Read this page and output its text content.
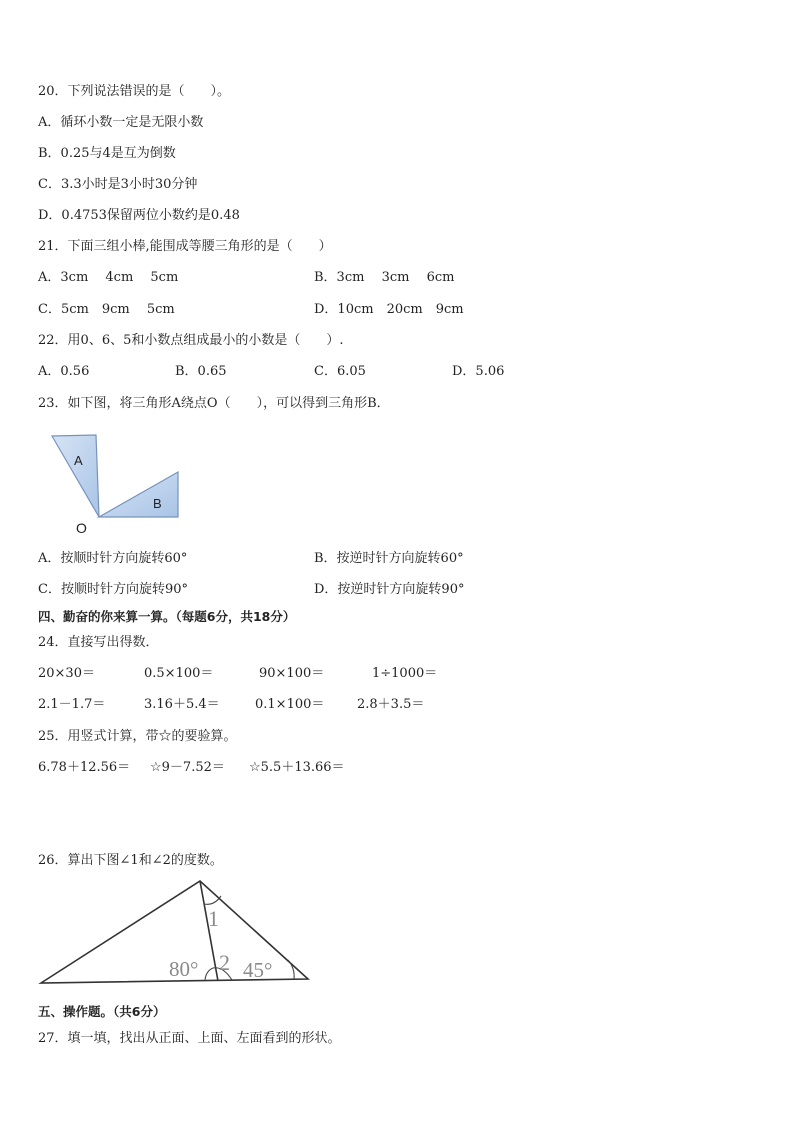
20．下列说法错误的是（　　）。
A．循环小数一定是无限小数
B．0.25与4是互为倒数
C．3.3小时是3小时30分钟
D．0.4753保留两位小数约是0.48
21．下面三组小棒,能围成等腰三角形的是（　　）
A．3cm　 4cm　 5cm	B．3cm　 3cm　 6cm
C．5cm　9cm　 5cm	D．10cm　20cm　9cm
22．用0、6、5和小数点组成最小的小数是（　　）.
A．0.56	B．0.65	C．6.05	D．5.06
23．如下图，将三角形A绕点O（　　），可以得到三角形B．
A
B
O
A．按顺时针方向旋转60°	B．按逆时针方向旋转60°
C．按顺时针方向旋转90°	D．按逆时针方向旋转90°
四、勤奋的你来算一算。（每题6分，共18分）
24．直接写出得数．
20×30＝	0.5×100＝	90×100＝	1÷1000＝
2.1－1.7＝	3.16＋5.4＝	0.1×100＝	2.8＋3.5＝
25．用竖式计算，带☆的要验算。
6.78＋12.56＝ ☆9－7.52＝ ☆5.5＋13.66＝
26．算出下图∠1和∠2的度数。
1
2
80° 45°
五、操作题。（共6分）
27．填一填，找出从正面、上面、左面看到的形状。
